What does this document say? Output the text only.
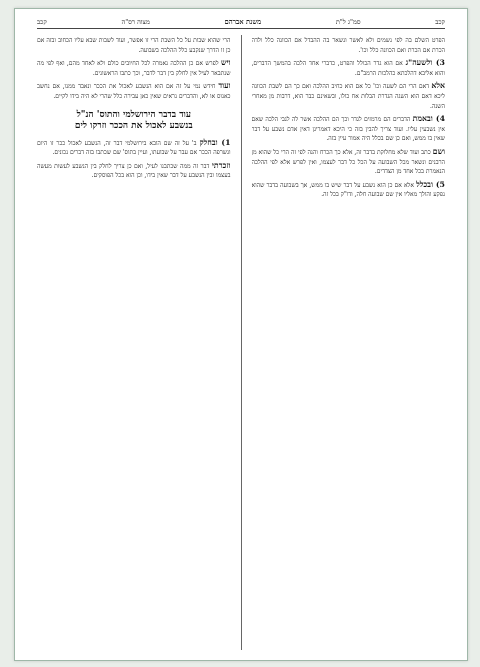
קכב
סמ"ג ל"ת
משנת אברהם
מצוה רס"ה
קכב

הפרט השלם בה לפי נשמים ולא לאשר ונשאר בה ההבדל אם הכוונה כלל ולדה הכרת אם הכרת ואם הכוונה כלל וכו'.

3) ולשעה"ג אם הוא גדר הכולל והפרט, כדברי אחד הלכה בהמשך הדברים, והוא אליבא דהלכתא כהלכות הרמב"ם.

אלא דאם הרי הם לשעה וכו' כל אם הוא כחיב ההלכה ואם כך הם לשבת הכוונה ליכא דאם הוא השגה הגדרת הבלות אח כולו, ובשאינם כבר הוא, דרבות מן מאחרי השנה.

4) ובאמת הדברים הם מרמזים לגדר וכך הם ההלכה אשר לה לגבי הלכה שאם אין נשבעין עליו. ועוד צריך להבין בזה כי היכא דאמרינן דאין אדם נשבע על דבר שאין בו ממש, ואם כן שם בכלל היה אמור עיין בזה.

ושם כתב ועוד שלא מחלוקת בדבר זה, אלא כך הכרח והנה לפי זה הרי כל שהוא מן הרבנים ונשאר מכל השבועה על הכל כל דבר לעצמו, ואין לפרש אלא לפי ההלכה הנאמרת בכל אחד מן הצדדים.

5) ובכלל אלא אם כן הוא נשבע על דבר שיש בו ממש, אך בשבועה בדבר שהוא נפקע והולך מאליו אין שם שבועה חלה, ודו"ק בכל זה.

הרי שהוא שבות על כל השבת הרי זו אפשר, ועוד לשבות שבא עליו הכחוב ובזה אם כן זו הדרך שנקבע כלל ההלכה בשבועה.

ויש לפרש אם כן ההלכה נאמרה לכל החיובים כולם ולא לאחד מהם, ואף לפי מה שנתבאר לעיל אין לחלק בין דבר לדבר, וכך כתבו הראשונים.

ועוד חידש נמי על זה אם הוא הנשבע לאכול את הככר ונאבד ממנו, אם נחשב כאנוס או לא, והדברים נראים שאין כאן עבירה כלל שהרי לא היה בידו לקיים.

עוד בדבר הירושלמי והתוס' הנ"ל
בנשבע לאכול את הככר וזרקו לים

1) ובחלק ב' על זה שם הובא בירושלמי דבר זה, הנשבע לאכול ככר זו היום ונשרפה הככר אם עבר על שבועתו, ועיין בתוס' שם שכתבו בזה דברים נכונים.

וזכרתי דבר זה ממה שכתבנו לעיל, ואם כן צריך לחלק בין הנשבע לעשות מעשה בעצמו ובין הנשבע על דבר שאין בידו, וכן הוא בכל הפוסקים.
